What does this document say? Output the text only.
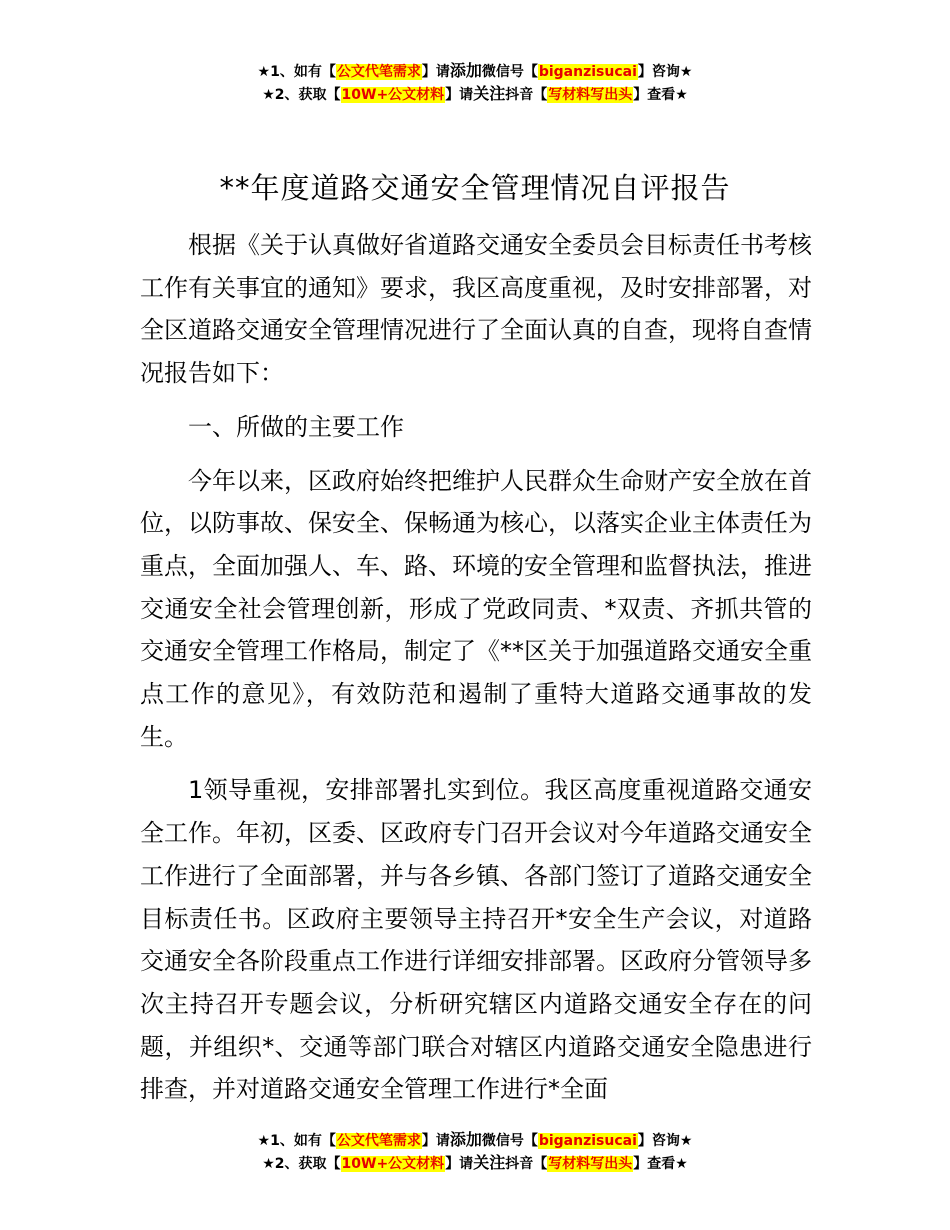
★1、如有【公文代笔需求】请添加微信号【biganzisucai】咨询★
★2、获取【10W+公文材料】请关注抖音【写材料写出头】查看★
**年度道路交通安全管理情况自评报告

根据《关于认真做好省道路交通安全委员会目标责任书考核工作有关事宜的通知》要求，我区高度重视，及时安排部署，对全区道路交通安全管理情况进行了全面认真的自查，现将自查情况报告如下：

一、所做的主要工作

今年以来，区政府始终把维护人民群众生命财产安全放在首位，以防事故、保安全、保畅通为核心，以落实企业主体责任为重点，全面加强人、车、路、环境的安全管理和监督执法，推进交通安全社会管理创新，形成了党政同责、*双责、齐抓共管的交通安全管理工作格局，制定了《**区关于加强道路交通安全重点工作的意见》，有效防范和遏制了重特大道路交通事故的发生。

1领导重视，安排部署扎实到位。我区高度重视道路交通安全工作。年初，区委、区政府专门召开会议对今年道路交通安全工作进行了全面部署，并与各乡镇、各部门签订了道路交通安全目标责任书。区政府主要领导主持召开*安全生产会议，对道路交通安全各阶段重点工作进行详细安排部署。区政府分管领导多次主持召开专题会议，分析研究辖区内道路交通安全存在的问题，并组织*、交通等部门联合对辖区内道路交通安全隐患进行排查，并对道路交通安全管理工作进行*全面

★1、如有【公文代笔需求】请添加微信号【biganzisucai】咨询★
★2、获取【10W+公文材料】请关注抖音【写材料写出头】查看★
